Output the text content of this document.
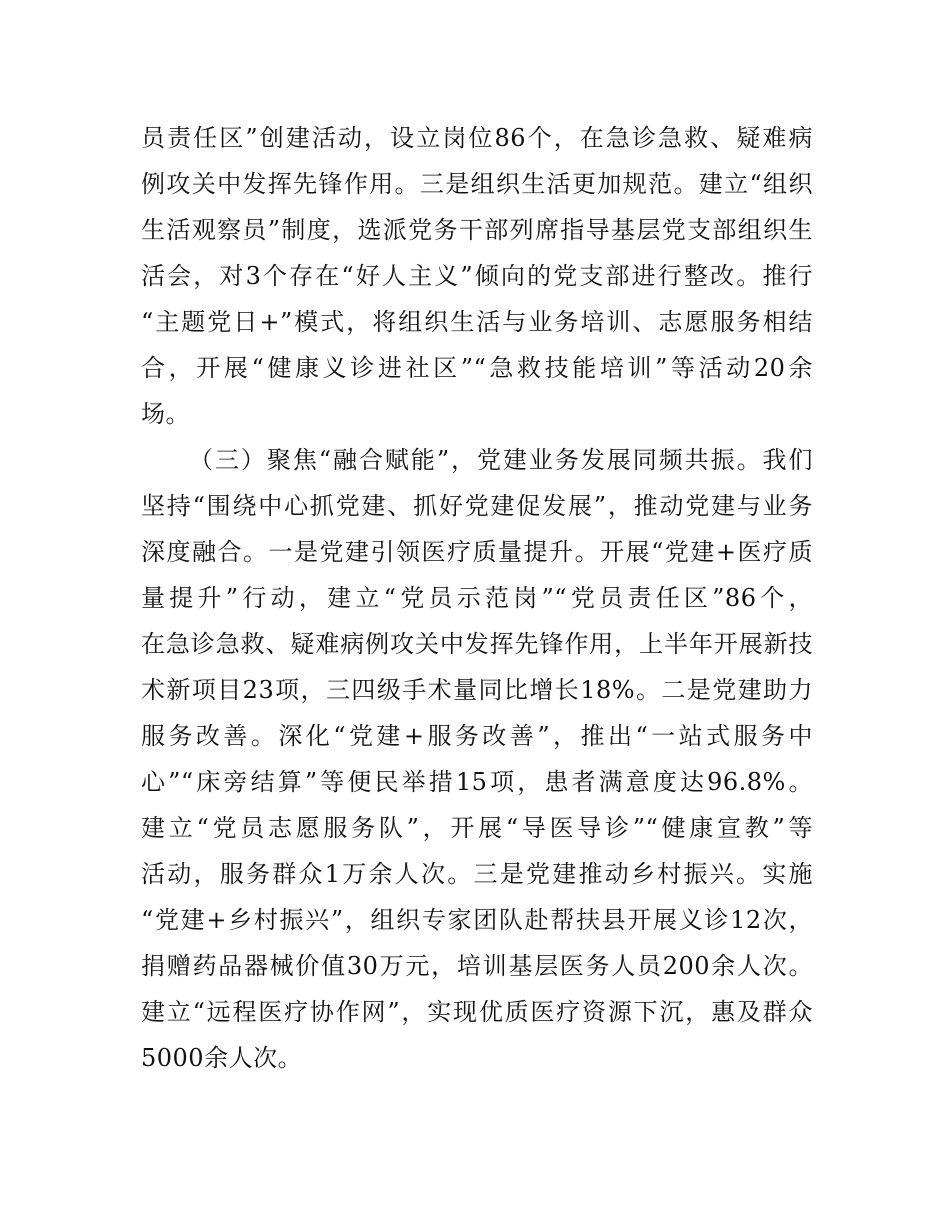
员责任区”创建活动，设立岗位86个，在急诊急救、疑难病
例攻关中发挥先锋作用。三是组织生活更加规范。建立“组织
生活观察员”制度，选派党务干部列席指导基层党支部组织生
活会，对3个存在“好人主义”倾向的党支部进行整改。推行
“主题党日+”模式，将组织生活与业务培训、志愿服务相结
合，开展“健康义诊进社区”“急救技能培训”等活动20余
场。
（三）聚焦“融合赋能”，党建业务发展同频共振。我们
坚持“围绕中心抓党建、抓好党建促发展”，推动党建与业务
深度融合。一是党建引领医疗质量提升。开展“党建+医疗质
量提升”行动，建立“党员示范岗”“党员责任区”86个，
在急诊急救、疑难病例攻关中发挥先锋作用，上半年开展新技
术新项目23项，三四级手术量同比增长18%。二是党建助力
服务改善。深化“党建+服务改善”，推出“一站式服务中
心”“床旁结算”等便民举措15项，患者满意度达96.8%。
建立“党员志愿服务队”，开展“导医导诊”“健康宣教”等
活动，服务群众1万余人次。三是党建推动乡村振兴。实施
“党建+乡村振兴”，组织专家团队赴帮扶县开展义诊12次，
捐赠药品器械价值30万元，培训基层医务人员200余人次。
建立“远程医疗协作网”，实现优质医疗资源下沉，惠及群众
5000余人次。
